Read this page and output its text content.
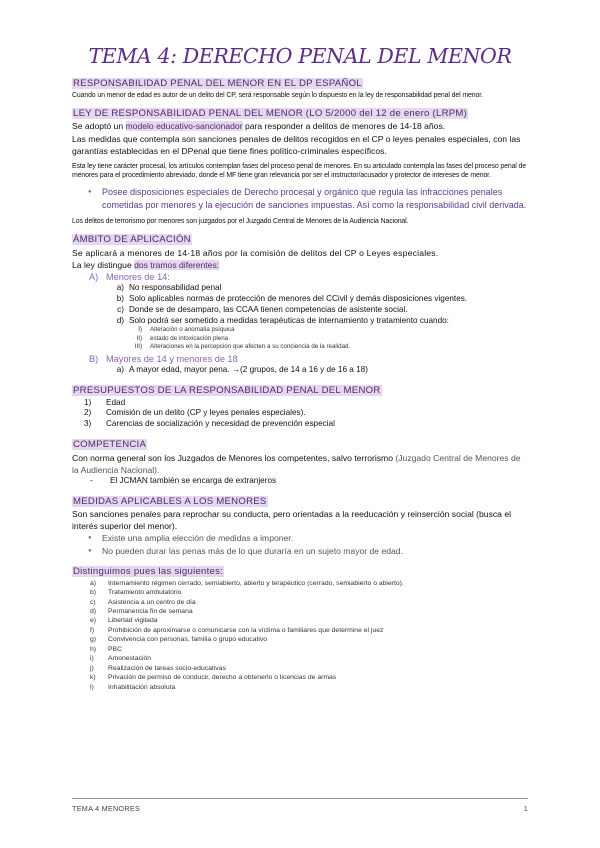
TEMA 4: DERECHO PENAL DEL MENOR
RESPONSABILIDAD PENAL DEL MENOR EN EL DP ESPAÑOL
Cuando un menor de edad es autor de un delito del CP, será responsable según lo dispuesto en la ley de responsabilidad penal del menor.
LEY DE RESPONSABILIDAD PENAL DEL MENOR (LO 5/2000 del 12 de enero (LRPM)
Se adoptó un modelo educativo-sancionador para responder a delitos de menores de 14-18 años.
Las medidas que contempla son sanciones penales de delitos recogidos en el CP o leyes penales especiales, con las garantías establecidas en el DPenal que tiene fines político-criminales específicos.
Esta ley tiene carácter procesal, los artículos contemplan fases del proceso penal de menores. En su articulado contempla las fases del proceso penal de menores para el procedimiento abreviado, donde el MF tiene gran relevancia por ser el instructor/acusador y protector de intereses de menor.
● Posee disposiciones especiales de Derecho procesal y orgánico que regula las infracciones penales cometidas por menores y la ejecución de sanciones impuestas. Así como la responsabilidad civil derivada.
Los delitos de terrorismo por menores son juzgados por el Juzgado Central de Menores de la Audiencia Nacional.
ÁMBITO DE APLICACIÓN
Se aplicará a menores de 14-18 años por la comisión de delitos del CP o Leyes especiales.
La ley distingue dos tramos diferentes:
A) Menores de 14:
a) No responsabilidad penal
b) Solo aplicables normas de protección de menores del CCivil y demás disposiciones vigentes.
c) Donde se de desamparo, las CCAA tienen competencias de asistente social.
d) Solo podrá ser sometido a medidas terapéuticas de internamiento y tratamiento cuando:
I)	Alteración o anomalía psíquica
II)	estado de intoxicación plena
III)	Alteraciones en la percepción que afecten a su conciencia de la realidad.
B) Mayores de 14 y menores de 18
a) A mayor edad, mayor pena. →(2 grupos, de 14 a 16 y de 16 a 18)
PRESUPUESTOS DE LA RESPONSABILIDAD PENAL DEL MENOR
1)	Edad
2)	Comisión de un delito (CP y leyes penales especiales).
3)	Carencias de socialización y necesidad de prevención especial
COMPETENCIA
Con norma general son los Juzgados de Menores los competentes, salvo terrorismo (Juzgado Central de Menores de la Audiencia Nacional).
-	El JCMAN también se encarga de extranjeros
MEDIDAS APLICABLES A LOS MENORES
Son sanciones penales para reprochar su conducta, pero orientadas a la reeducación y reinserción social (busca el interés superior del menor).
● Existe una amplia elección de medidas a imponer.
● No pueden durar las penas más de lo que duraría en un sujeto mayor de edad.
Distinguimos pues las siguientes:
a)	Internamiento régimen cerrado, semiabierto, abierto y terapéutico (cerrado, semiabierto o abierto).
b)	Tratamiento ambulatorio
c)	Asistencia a un centro de día
d)	Permanencia fin de semana
e)	Libertad vigilada
f)	Prohibición de aproximarse o comunicarse con la víctima o familiares que determine el juez
g)	Convivencia con personas, familia o grupo educativo
h)	PBC
i)	Amonestación
j)	Realización de tareas socio-educativas
k)	Privación de permiso de conducir, derecho a obtenerlo o licencias de armas
l)	Inhabilitación absoluta
TEMA 4 MENORES	1
